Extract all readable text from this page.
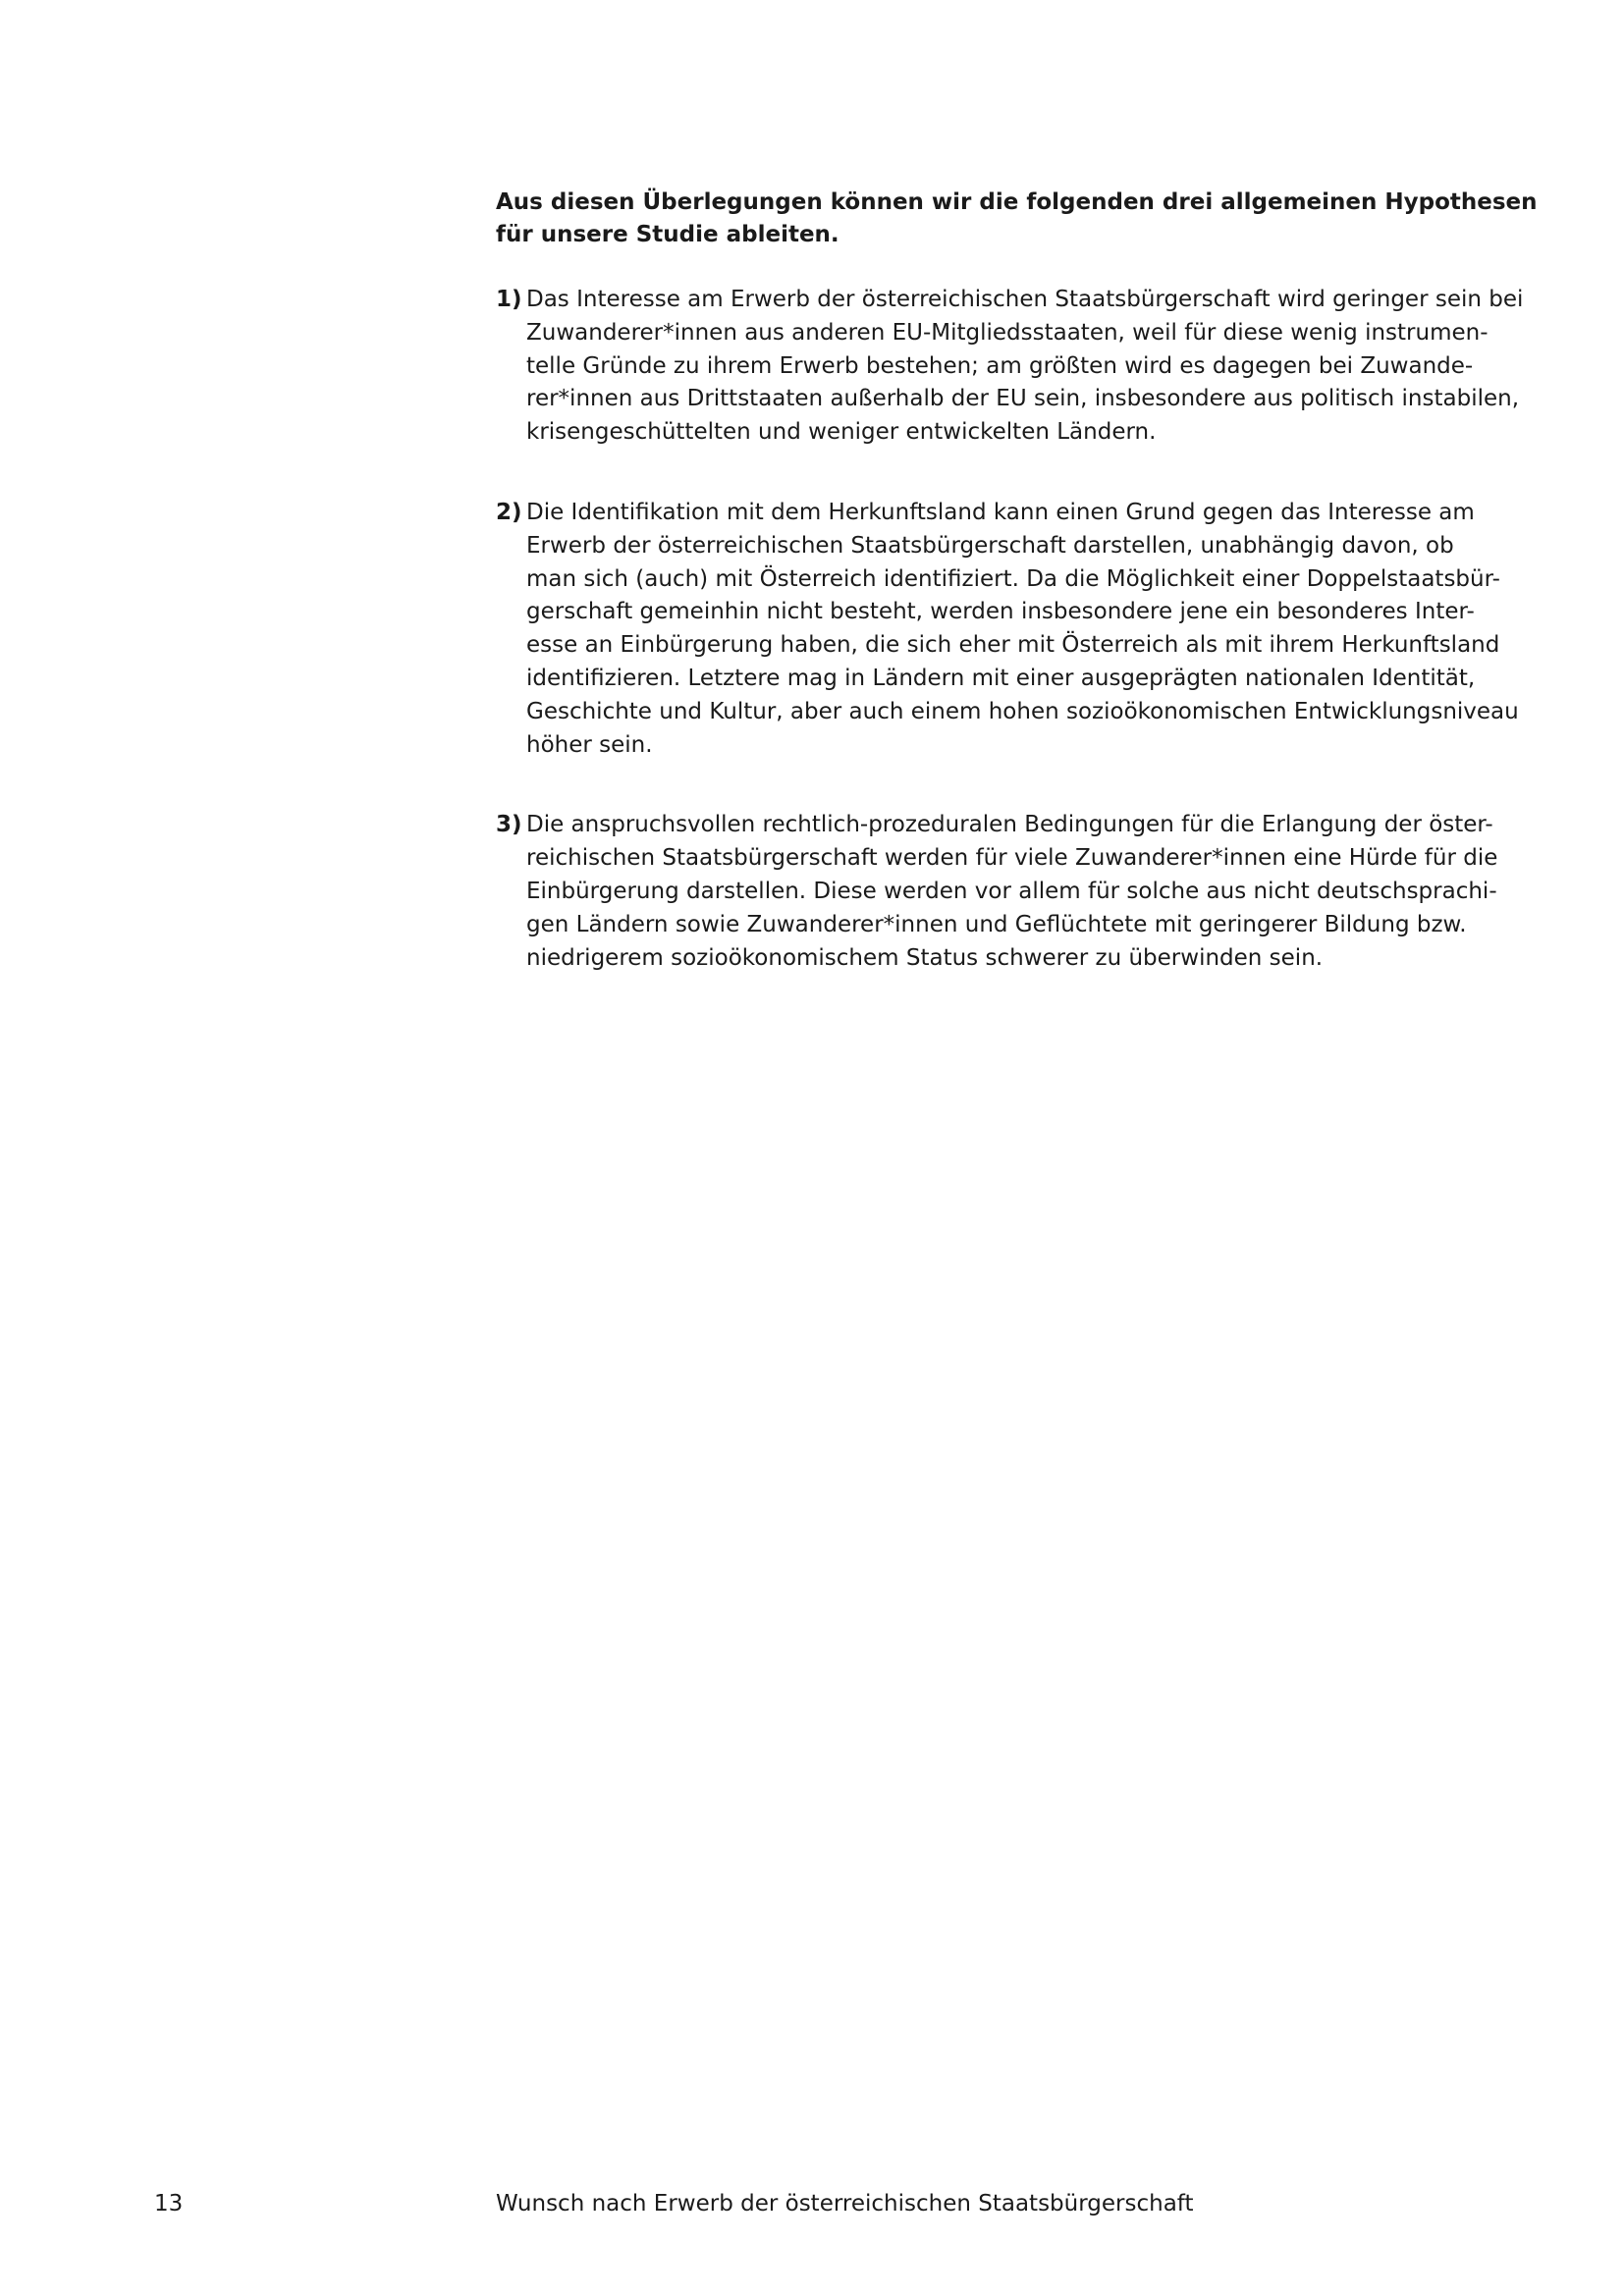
Aus diesen Überlegungen können wir die folgenden drei allgemeinen Hypothesen
für unsere Studie ableiten.

1) Das Interesse am Erwerb der österreichischen Staatsbürgerschaft wird geringer sein bei
Zuwanderer*innen aus anderen EU-Mitgliedsstaaten, weil für diese wenig instrumen-
telle Gründe zu ihrem Erwerb bestehen; am größten wird es dagegen bei Zuwande-
rer*innen aus Drittstaaten außerhalb der EU sein, insbesondere aus politisch instabilen,
krisengeschüttelten und weniger entwickelten Ländern.
2) Die Identifikation mit dem Herkunftsland kann einen Grund gegen das Interesse am
Erwerb der österreichischen Staatsbürgerschaft darstellen, unabhängig davon, ob
man sich (auch) mit Österreich identifiziert. Da die Möglichkeit einer Doppelstaatsbür-
gerschaft gemeinhin nicht besteht, werden insbesondere jene ein besonderes Inter-
esse an Einbürgerung haben, die sich eher mit Österreich als mit ihrem Herkunftsland
identifizieren. Letztere mag in Ländern mit einer ausgeprägten nationalen Identität,
Geschichte und Kultur, aber auch einem hohen sozioökonomischen Entwicklungsniveau
höher sein.
3) Die anspruchsvollen rechtlich-prozeduralen Bedingungen für die Erlangung der öster-
reichischen Staatsbürgerschaft werden für viele Zuwanderer*innen eine Hürde für die
Einbürgerung darstellen. Diese werden vor allem für solche aus nicht deutschsprachi-
gen Ländern sowie Zuwanderer*innen und Geflüchtete mit geringerer Bildung bzw.
niedrigerem sozioökonomischem Status schwerer zu überwinden sein.
13	Wunsch nach Erwerb der österreichischen Staatsbürgerschaft
